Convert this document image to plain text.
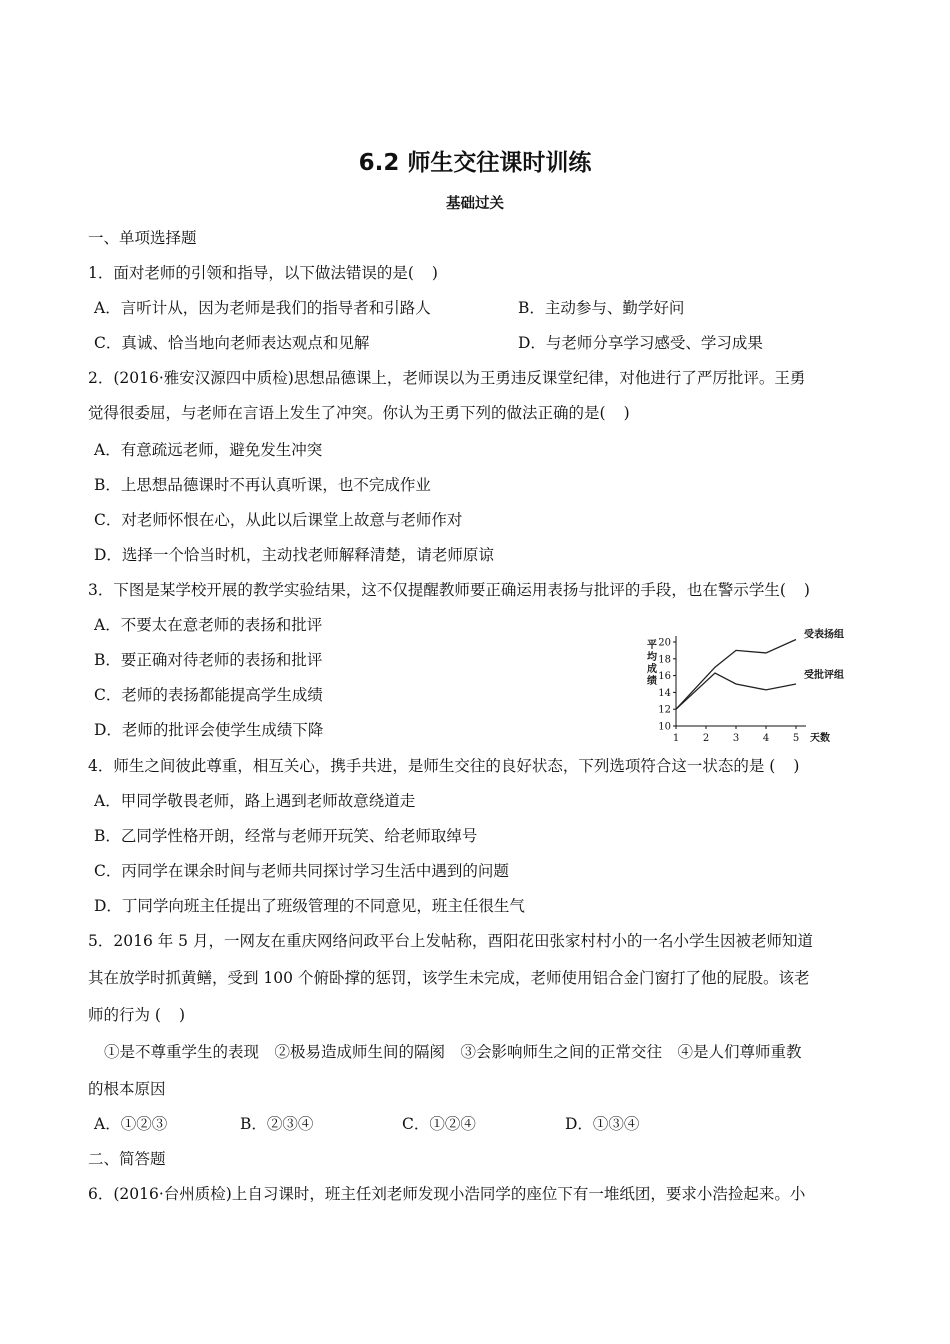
6.2 师生交往课时训练
基础过关
一、单项选择题
1．面对老师的引领和指导，以下做法错误的是( )
A．言听计从，因为老师是我们的指导者和引路人	B．主动参与、勤学好问
C．真诚、恰当地向老师表达观点和见解	D．与老师分享学习感受、学习成果
2．(2016·雅安汉源四中质检)思想品德课上，老师误以为王勇违反课堂纪律，对他进行了严厉批评。王勇
觉得很委屈，与老师在言语上发生了冲突。你认为王勇下列的做法正确的是( )
A．有意疏远老师，避免发生冲突
B．上思想品德课时不再认真听课，也不完成作业
C．对老师怀恨在心，从此以后课堂上故意与老师作对
D．选择一个恰当时机，主动找老师解释清楚，请老师原谅
3．下图是某学校开展的教学实验结果，这不仅提醒教师要正确运用表扬与批评的手段，也在警示学生( )
A．不要太在意老师的表扬和批评
B．要正确对待老师的表扬和批评
C．老师的表扬都能提高学生成绩
D．老师的批评会使学生成绩下降
平
均
成
绩
10
12
14
16
18
20
1 2 3 4 5 天数
受表扬组
受批评组
4．师生之间彼此尊重，相互关心，携手共进，是师生交往的良好状态，下列选项符合这一状态的是 ( )
A．甲同学敬畏老师，路上遇到老师故意绕道走
B．乙同学性格开朗，经常与老师开玩笑、给老师取绰号
C．丙同学在课余时间与老师共同探讨学习生活中遇到的问题
D．丁同学向班主任提出了班级管理的不同意见，班主任很生气
5．2016 年 5 月，一网友在重庆网络问政平台上发帖称，酉阳花田张家村村小的一名小学生因被老师知道
其在放学时抓黄鳝，受到 100 个俯卧撑的惩罚，该学生未完成，老师使用铝合金门窗打了他的屁股。该老
师的行为 ( )
①是不尊重学生的表现　②极易造成师生间的隔阂　③会影响师生之间的正常交往　④是人们尊师重教
的根本原因
A．①②③	B．②③④	C．①②④	D．①③④
二、简答题
6．(2016·台州质检)上自习课时，班主任刘老师发现小浩同学的座位下有一堆纸团，要求小浩捡起来。小
